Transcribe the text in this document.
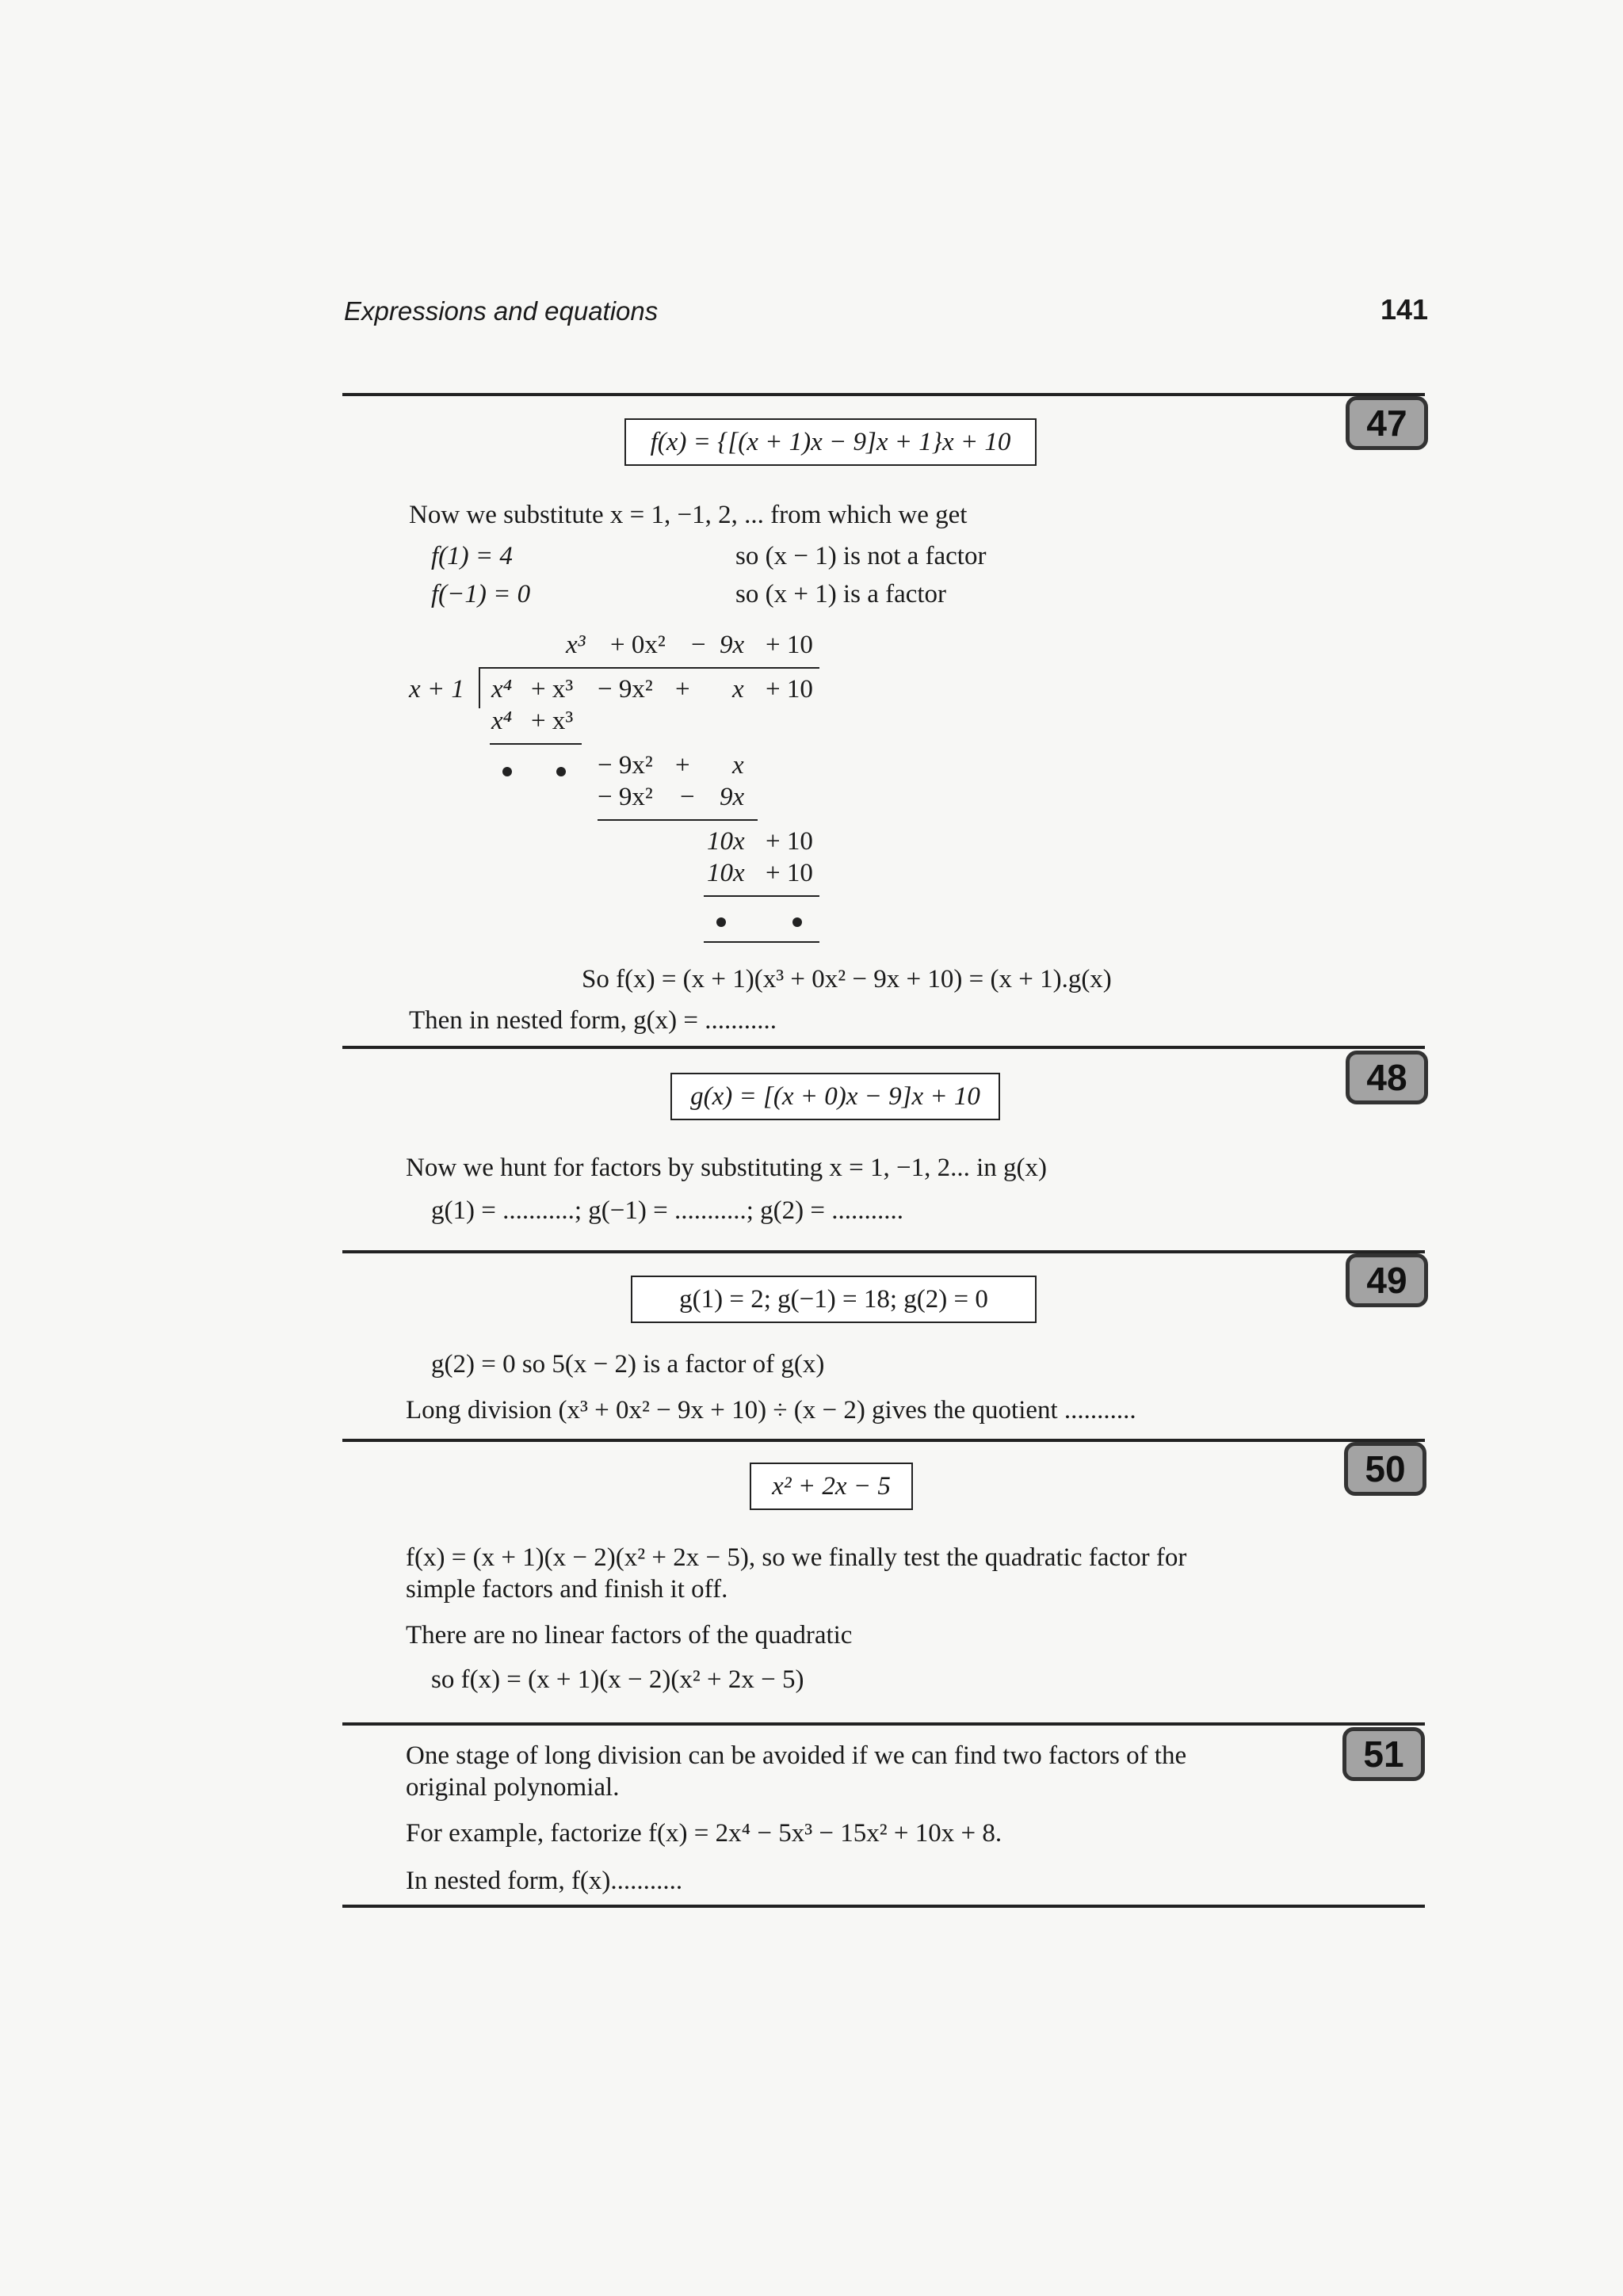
Expressions and equations	141
47
f(x) = {[(x + 1)x − 9]x + 1}x + 10
Now we substitute x = 1, −1, 2, ... from which we get
f(1) = 4	so (x − 1) is not a factor
f(−1) = 0	so (x + 1) is a factor
x³ + 0x² − 9x + 10
x + 1 x⁴ + x³ − 9x² + x + 10
x⁴ + x³
− 9x² + x
− 9x² − 9x
10x + 10
10x + 10
So f(x) = (x + 1)(x³ + 0x² − 9x + 10) = (x + 1).g(x)
Then in nested form, g(x) = ...........
48
g(x) = [(x + 0)x − 9]x + 10
Now we hunt for factors by substituting x = 1, −1, 2... in g(x)
g(1) = ...........; g(−1) = ...........; g(2) = ...........
49
g(1) = 2; g(−1) = 18; g(2) = 0
g(2) = 0 so 5(x − 2) is a factor of g(x)
Long division (x³ + 0x² − 9x + 10) ÷ (x − 2) gives the quotient ...........
50
x² + 2x − 5
f(x) = (x + 1)(x − 2)(x² + 2x − 5), so we finally test the quadratic factor for
simple factors and finish it off.
There are no linear factors of the quadratic
so f(x) = (x + 1)(x − 2)(x² + 2x − 5)
51
One stage of long division can be avoided if we can find two factors of the
original polynomial.
For example, factorize f(x) = 2x⁴ − 5x³ − 15x² + 10x + 8.
In nested form, f(x)...........
